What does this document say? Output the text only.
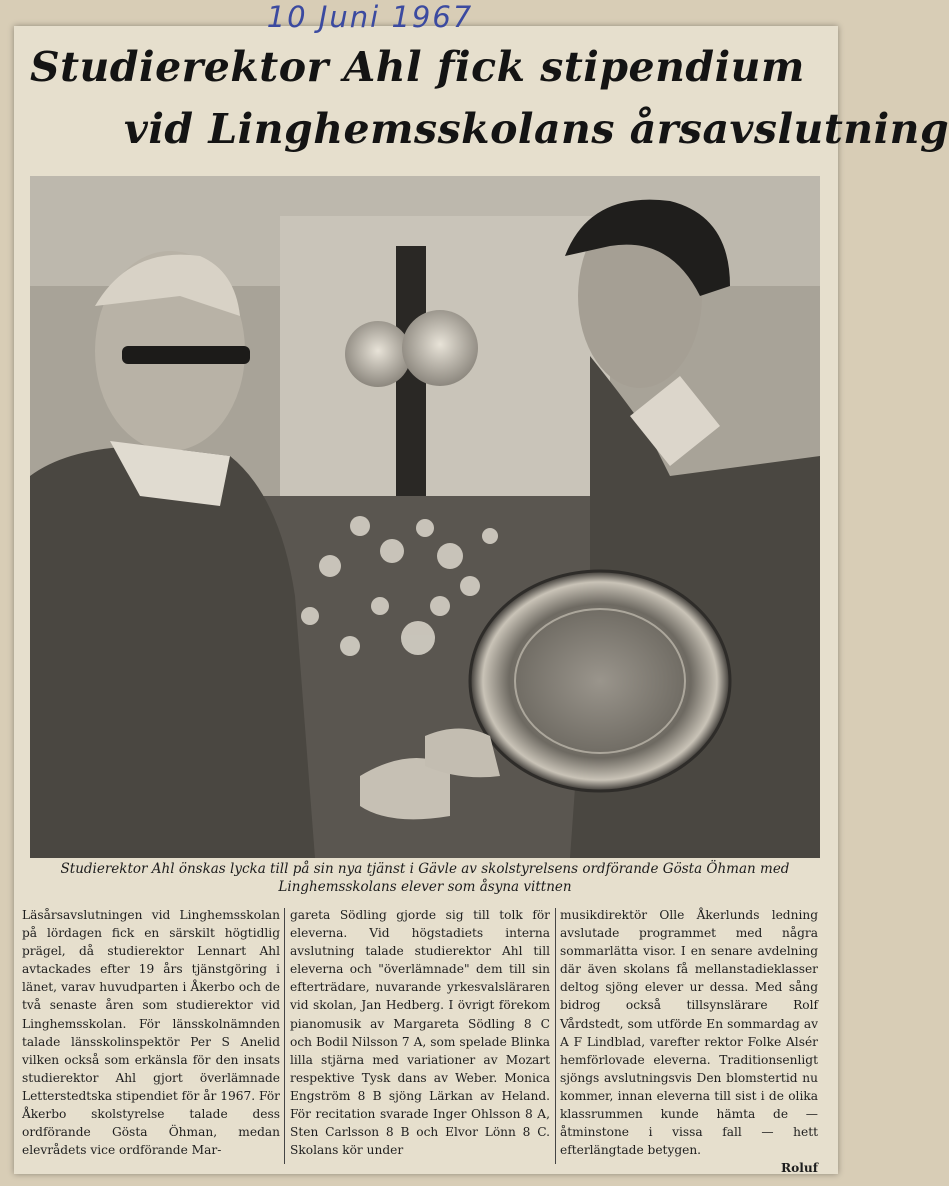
10 Juni 1967
Studierektor Ahl fick stipendium
vid Linghemsskolans årsavslutning
Studierektor Ahl önskas lycka till på sin nya tjänst i Gävle av skolstyrelsens ordförande Gösta Öhman med Linghemsskolans elever som åsyna vittnen
Läsårsavslutningen vid Linghemsskolan på lördagen fick en särskilt högtidlig prägel, då studierektor Lennart Ahl avtackades efter 19 års tjänstgöring i länet, varav huvudparten i Åkerbo och de två senaste åren som studierektor vid Linghemsskolan. För länsskolnämnden talade länsskolinspektör Per S Anelid vilken också som erkänsla för den insats studierektor Ahl gjort överlämnade Letterstedtska stipendiet för år 1967. För Åkerbo skolstyrelse talade dess ordförande Gösta Öhman, medan elevrådets vice ordförande Mar-
gareta Södling gjorde sig till tolk för eleverna. Vid högstadiets interna avslutning talade studierektor Ahl till eleverna och "överlämnade" dem till sin efterträdare, nuvarande yrkesvalsläraren vid skolan, Jan Hedberg. I övrigt förekom pianomusik av Margareta Södling 8 C och Bodil Nilsson 7 A, som spelade Blinka lilla stjärna med variationer av Mozart respektive Tysk dans av Weber. Monica Engström 8 B sjöng Lärkan av Heland. För recitation svarade Inger Ohlsson 8 A, Sten Carlsson 8 B och Elvor Lönn 8 C. Skolans kör under
musikdirektör Olle Åkerlunds ledning avslutade programmet med några sommarlätta visor. I en senare avdelning där även skolans få mellanstadieklasser deltog sjöng elever ur dessa. Med sång bidrog också tillsynslärare Rolf Vårdstedt, som utförde En sommardag av A F Lindblad, varefter rektor Folke Alsér hemförlovade eleverna. Traditionsenligt sjöngs avslutningsvis Den blomstertid nu kommer, innan eleverna till sist i de olika klassrummen kunde hämta de — åtminstone i vissa fall — hett efterlängtade betygen.
Roluf
